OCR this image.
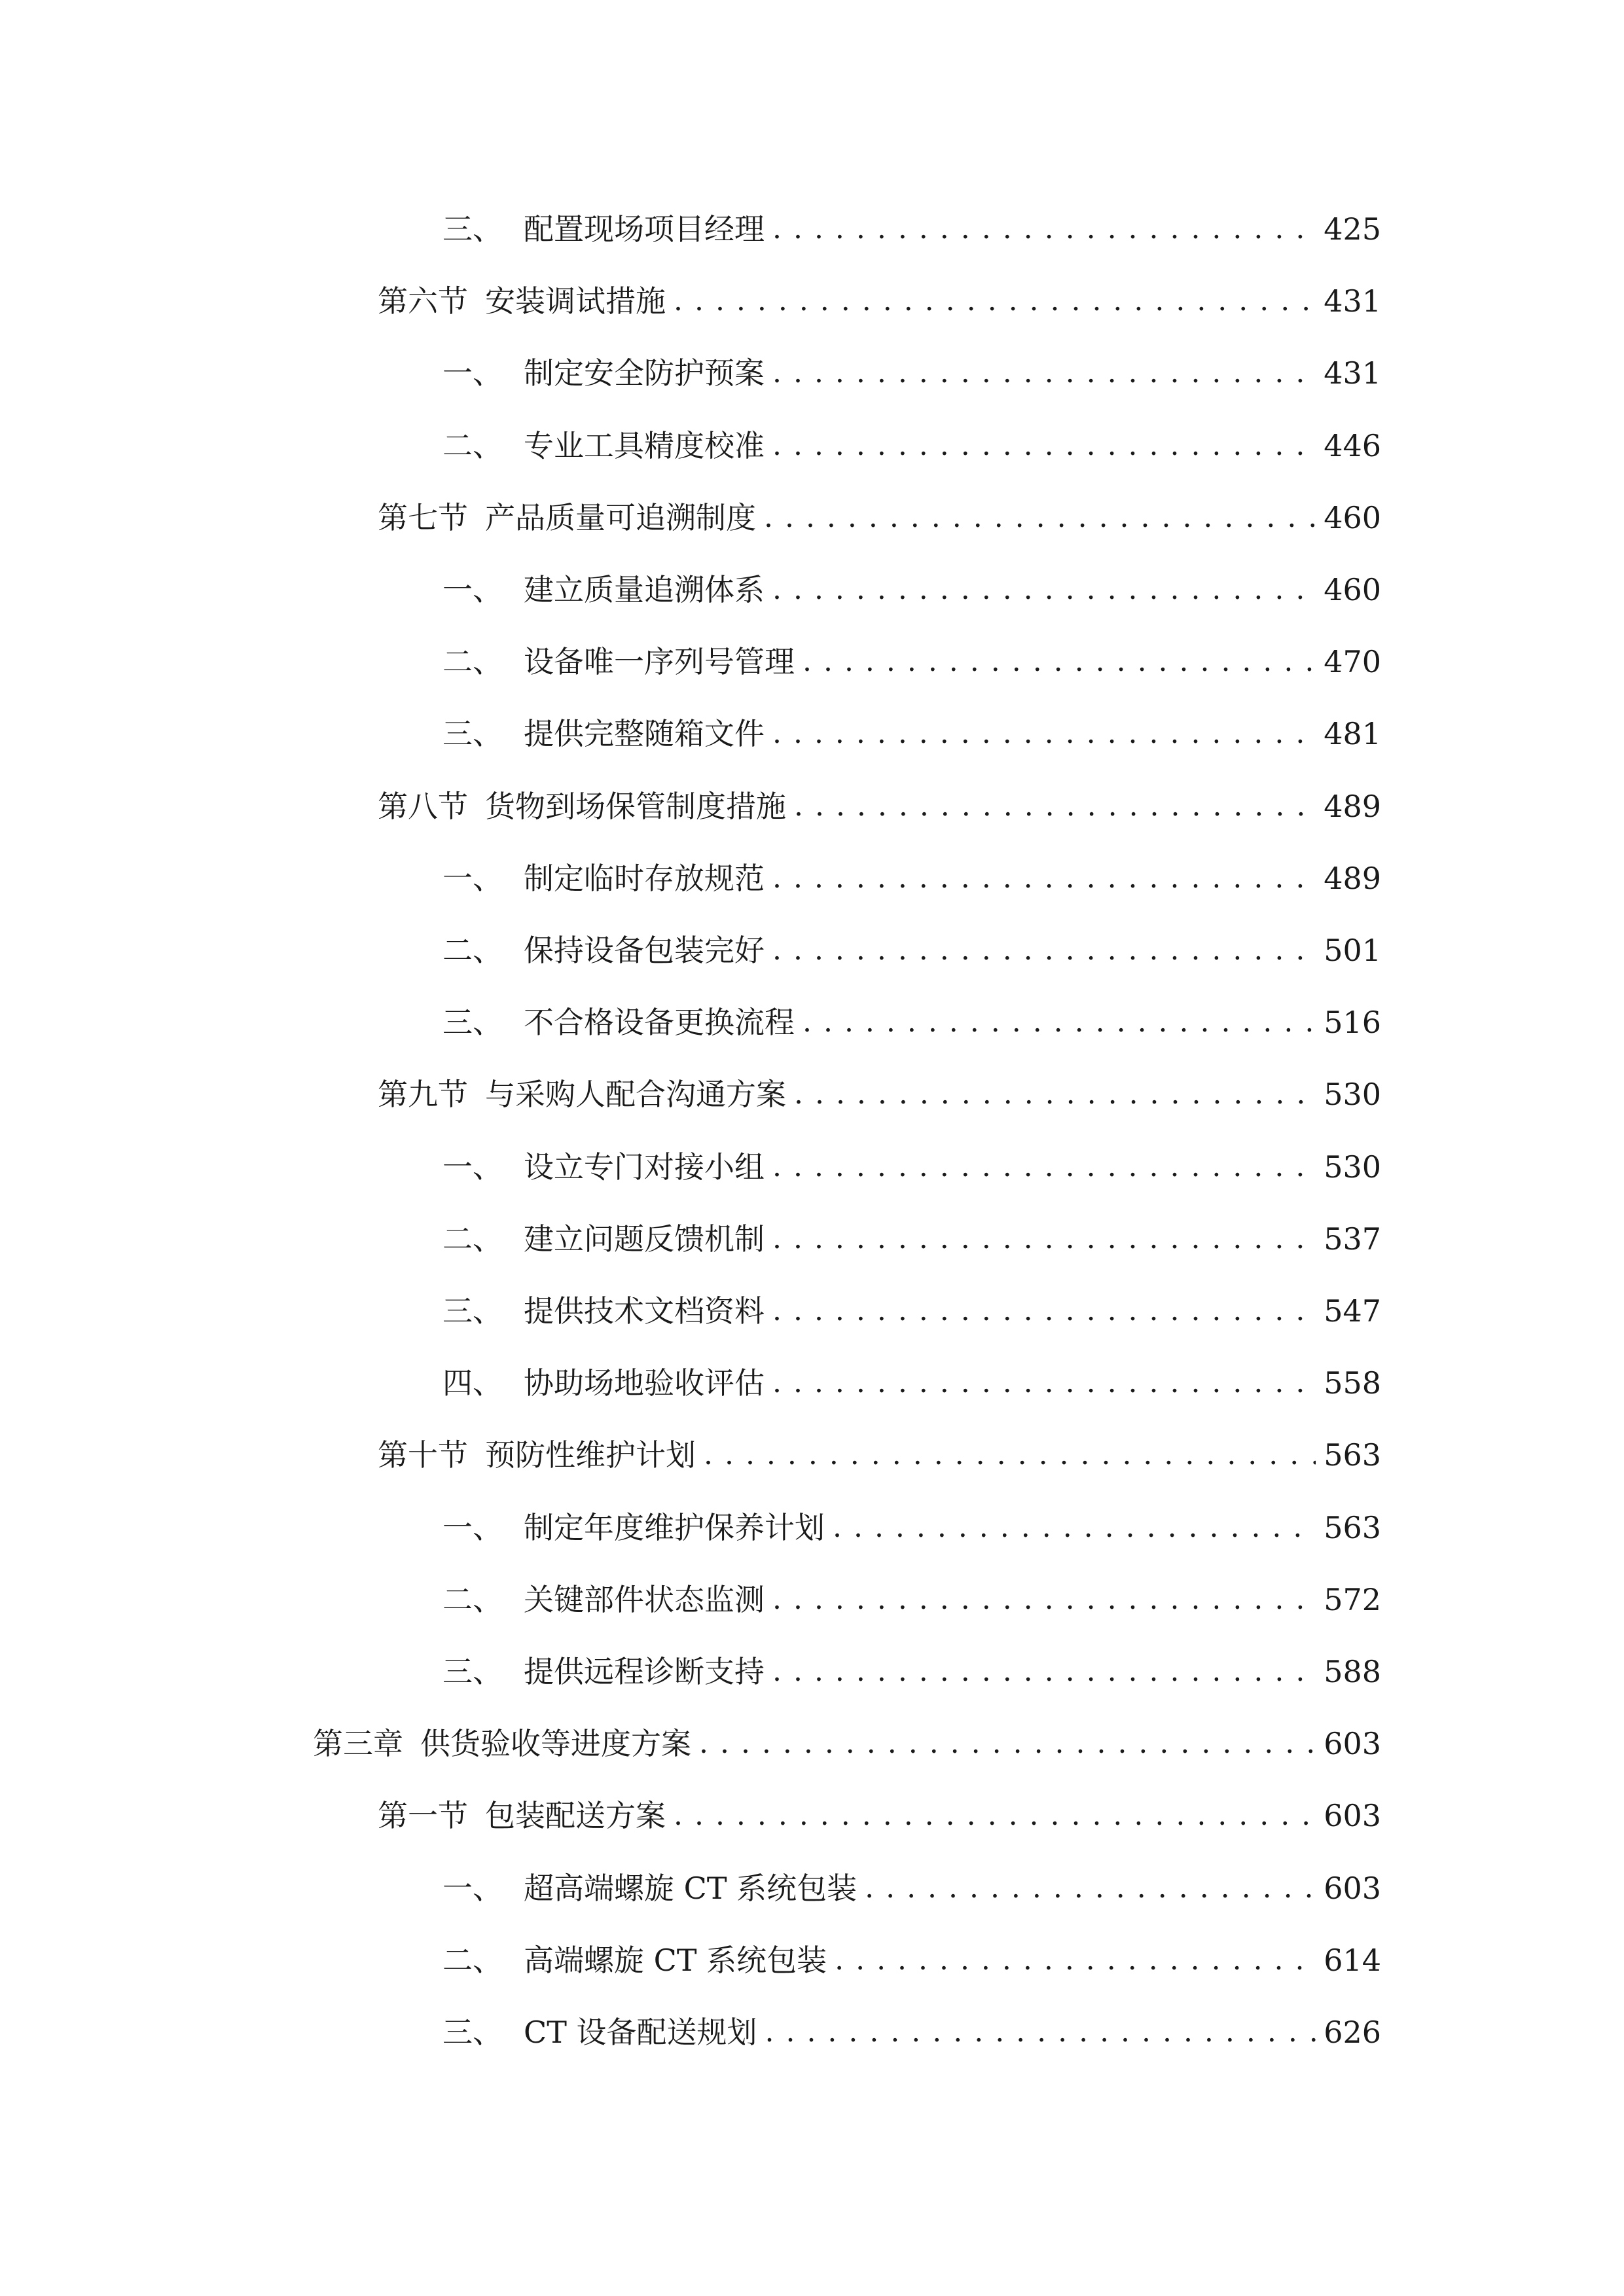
三、 配置现场项目经理 . . .	425
第六节 安装调试措施 . . .	431
一、 制定安全防护预案 . . .	431
二、 专业工具精度校准 . . .	446
第七节 产品质量可追溯制度 . . .	460
一、 建立质量追溯体系 . . .	460
二、 设备唯一序列号管理 . . .	470
三、 提供完整随箱文件 . . .	481
第八节 货物到场保管制度措施 . . .	489
一、 制定临时存放规范 . . .	489
二、 保持设备包装完好 . . .	501
三、 不合格设备更换流程 . . .	516
第九节 与采购人配合沟通方案 . . .	530
一、 设立专门对接小组 . . .	530
二、 建立问题反馈机制 . . .	537
三、 提供技术文档资料 . . .	547
四、 协助场地验收评估 . . .	558
第十节 预防性维护计划 . . .	563
一、 制定年度维护保养计划 . . .	563
二、 关键部件状态监测 . . .	572
三、 提供远程诊断支持 . . .	588
第三章 供货验收等进度方案 . . .	603
第一节 包装配送方案 . . .	603
一、 超高端螺旋 CT 系统包装 . . .	603
二、 高端螺旋 CT 系统包装 . . .	614
三、 CT 设备配送规划 . . .	626
